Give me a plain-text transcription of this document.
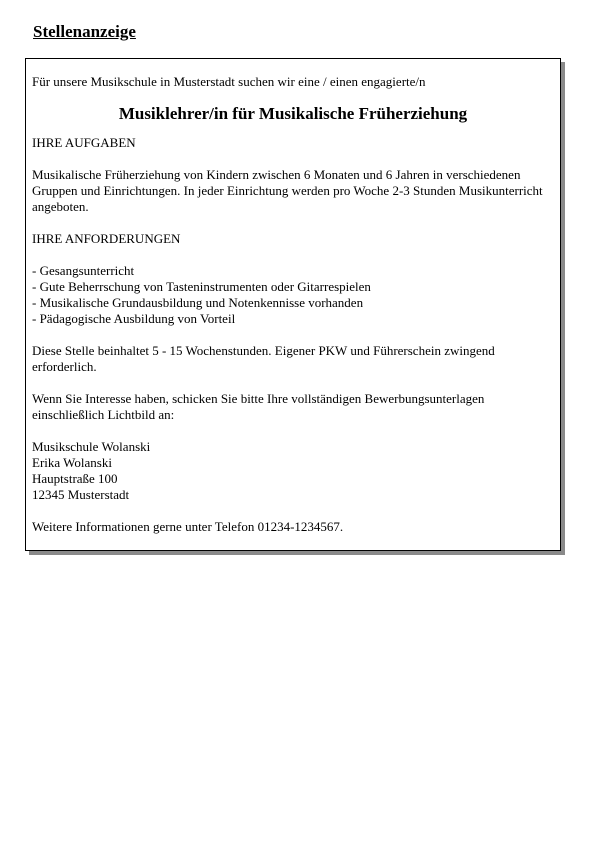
Stellenanzeige

Für unsere Musikschule in Musterstadt suchen wir eine / einen engagierte/n

Musiklehrer/in für Musikalische Früherziehung

IHRE AUFGABEN

Musikalische Früherziehung von Kindern zwischen 6 Monaten und 6 Jahren in verschiedenen Gruppen und Einrichtungen. In jeder Einrichtung werden pro Woche 2-3 Stunden Musikunterricht angeboten.

IHRE ANFORDERUNGEN

- Gesangsunterricht
- Gute Beherrschung von Tasteninstrumenten oder Gitarrespielen
- Musikalische Grundausbildung und Notenkennisse vorhanden
- Pädagogische Ausbildung von Vorteil

Diese Stelle beinhaltet 5 - 15 Wochenstunden. Eigener PKW und Führerschein zwingend erforderlich.

Wenn Sie Interesse haben, schicken Sie bitte Ihre vollständigen Bewerbungsunterlagen einschließlich Lichtbild an:

Musikschule Wolanski
Erika Wolanski
Hauptstraße 100
12345 Musterstadt

Weitere Informationen gerne unter Telefon 01234-1234567.
